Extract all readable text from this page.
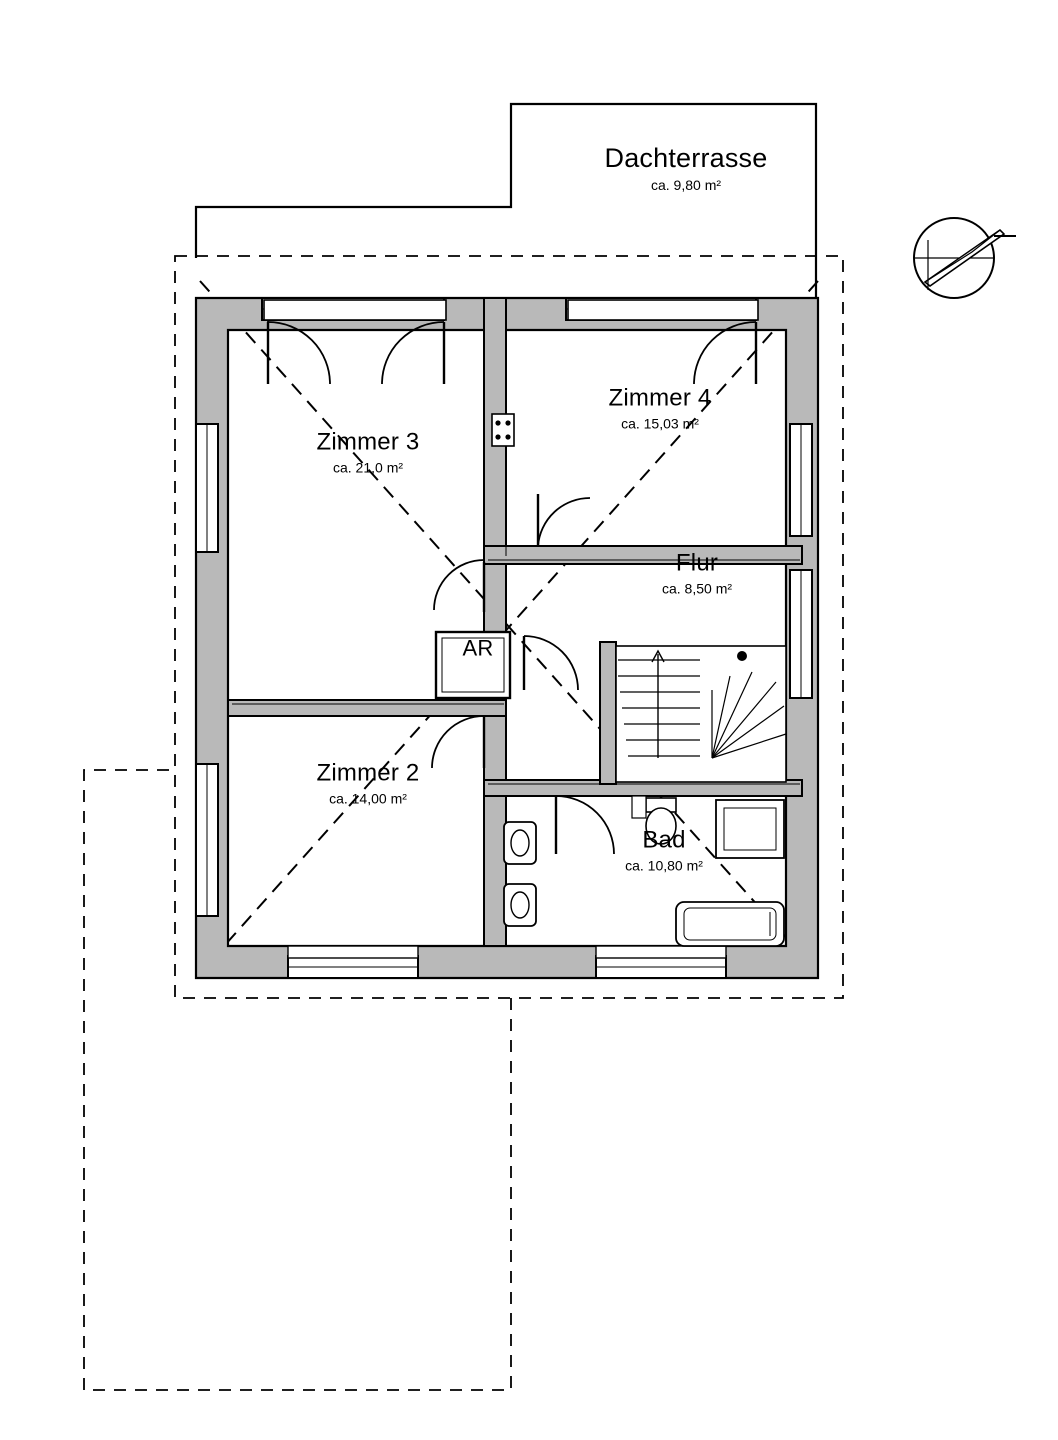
Dachterrasse
ca. 9,80 m²
Zimmer 3
ca. 21,0 m²
Zimmer 4
ca. 15,03 m²
Flur
ca. 8,50 m²
AR
Zimmer 2
ca. 14,00 m²
Bad
ca. 10,80 m²
